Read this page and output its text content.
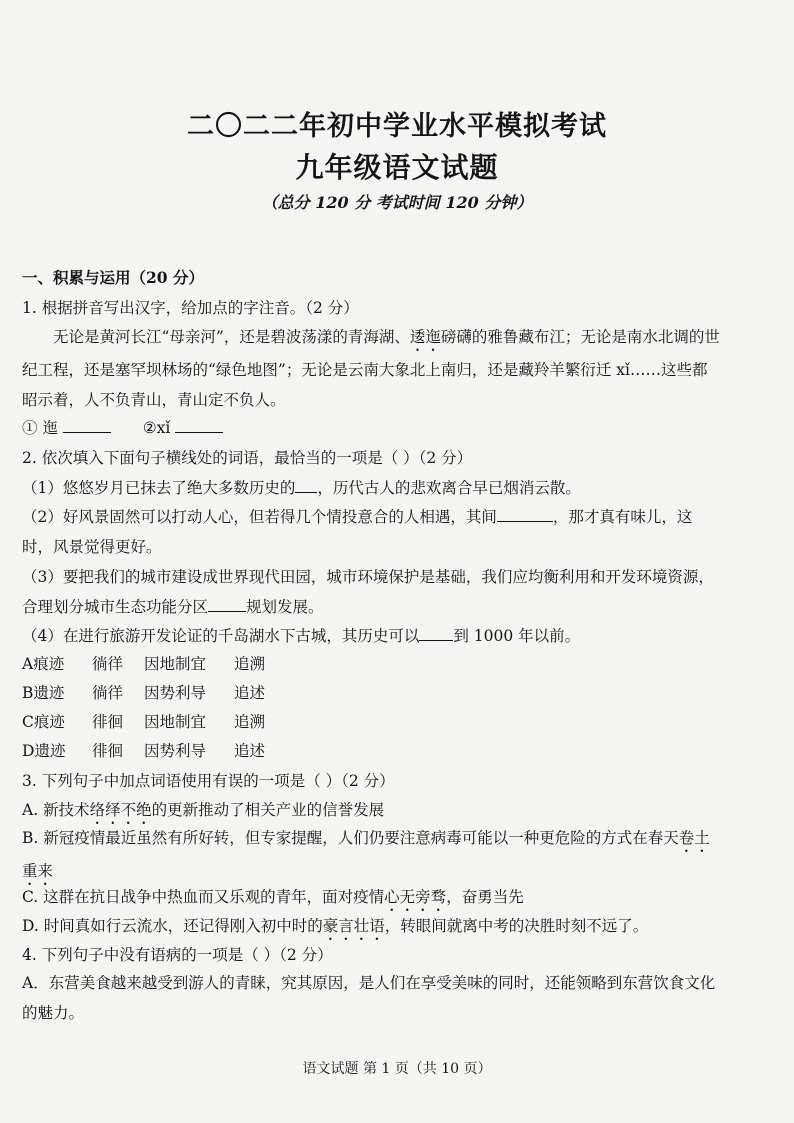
二〇二二年初中学业水平模拟考试
九年级语文试题
（总分 120 分 考试时间 120 分钟）
一、积累与运用（20 分）
1. 根据拼音写出汉字，给加点的字注音。（2 分）
无论是黄河长江“母亲河”，还是碧波荡漾的青海湖、逶迤磅礴的雅鲁藏布江；无论是南水北调的世纪工程，还是塞罕坝林场的“绿色地图”；无论是云南大象北上南归，还是藏羚羊繁衍迁 xǐ……这些都昭示着，人不负青山，青山定不负人。
① 迤	②xǐ
2. 依次填入下面句子横线处的词语，最恰当的一项是（ ）（2 分）
（1）悠悠岁月已抹去了绝大多数历史的 ，历代古人的悲欢离合早已烟消云散。
（2）好风景固然可以打动人心，但若得几个情投意合的人相遇，其间	，那才真有味儿，这时，风景觉得更好。
（3）要把我们的城市建设成世界现代田园，城市环境保护是基础，我们应均衡利用和开发环境资源，合理划分城市生态功能分区 规划发展。
（4）在进行旅游开发论证的千岛湖水下古城，其历史可以 到 1000 年以前。
A痕迹 徜徉 因地制宜 追溯
B遗迹 徜徉 因势利导 追述
C痕迹 徘徊 因地制宜 追溯
D遗迹 徘徊 因势利导 追述
3. 下列句子中加点词语使用有误的一项是（ ）（2 分）
A. 新技术络绎不绝的更新推动了相关产业的信誉发展
B. 新冠疫情最近虽然有所好转，但专家提醒，人们仍要注意病毒可能以一种更危险的方式在春天卷土重来
C. 这群在抗日战争中热血而又乐观的青年，面对疫情心无旁骛，奋勇当先
D. 时间真如行云流水，还记得刚入初中时的豪言壮语，转眼间就离中考的决胜时刻不远了。
4. 下列句子中没有语病的一项是（ ）（2 分）
A．东营美食越来越受到游人的青睐，究其原因，是人们在享受美味的同时，还能领略到东营饮食文化的魅力。
语文试题 第 1 页（共 10 页）
